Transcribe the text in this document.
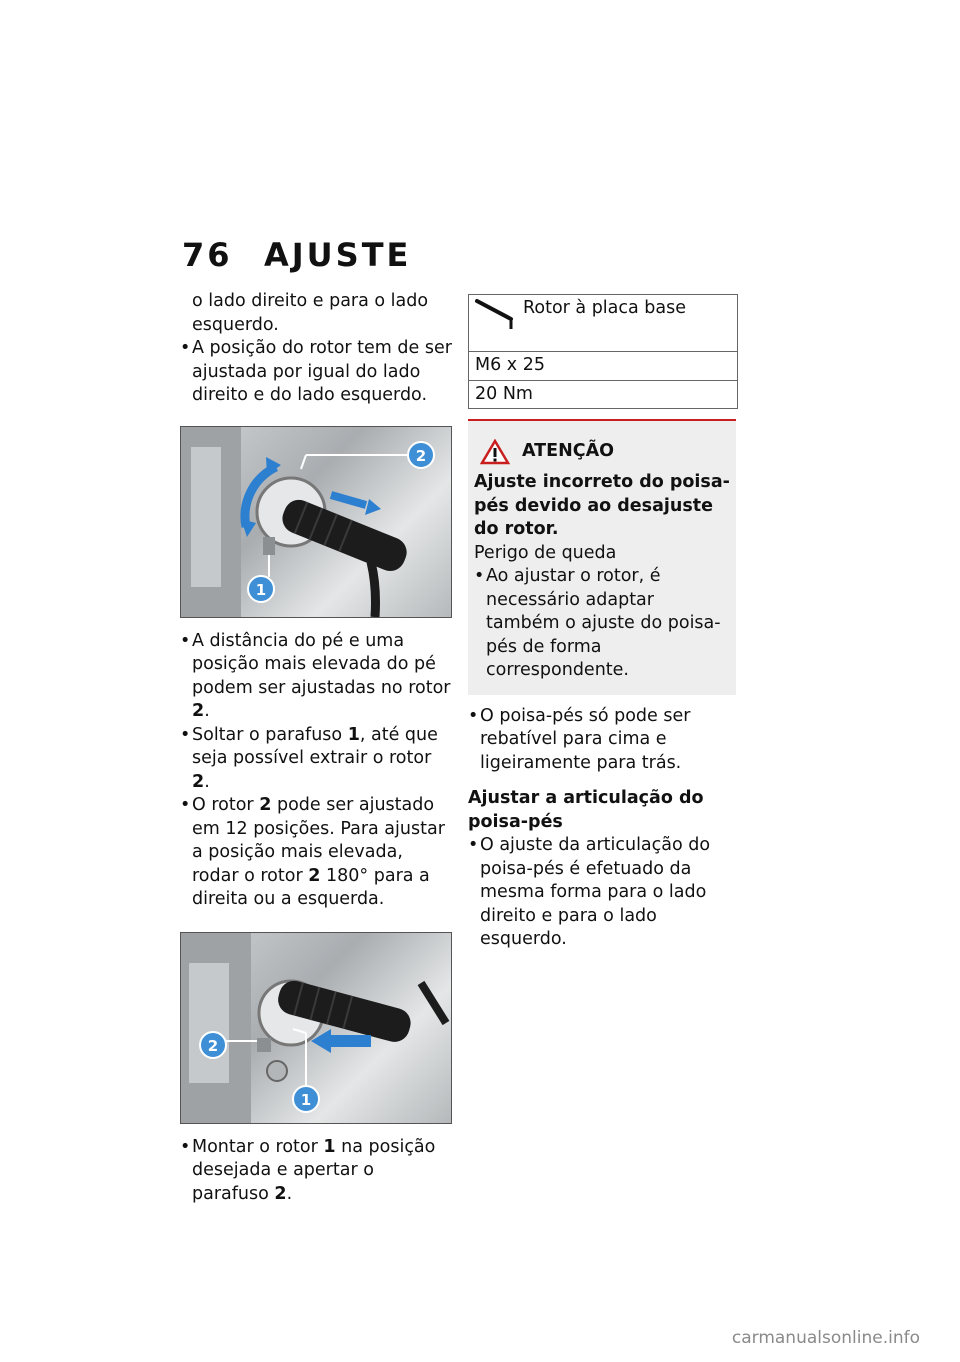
76 AJUSTE

o lado direito e para o lado esquerdo.

• A posição do rotor tem de ser ajustada por igual do lado direito e do lado esquerdo.
1
2
• A distância do pé e uma posição mais elevada do pé podem ser ajustadas no rotor 2.
• Soltar o parafuso 1, até que seja possível extrair o rotor 2.
• O rotor 2 pode ser ajustado em 12 posições. Para ajustar a posição mais elevada, rodar o rotor 2 180° para a direita ou a esquerda.
2
1
• Montar o rotor 1 na posição desejada e apertar o parafuso 2.
Rotor à placa base
M6 x 25
20 Nm
ATENÇÃO
Ajuste incorreto do poisa-pés devido ao desajuste do rotor.
Perigo de queda
• Ao ajustar o rotor, é necessário adaptar também o ajuste do poisa-pés de forma correspondente.
• O poisa-pés só pode ser rebatível para cima e ligeiramente para trás.
Ajustar a articulação do poisa-pés
• O ajuste da articulação do poisa-pés é efetuado da mesma forma para o lado direito e para o lado esquerdo.
carmanualsonline.info
